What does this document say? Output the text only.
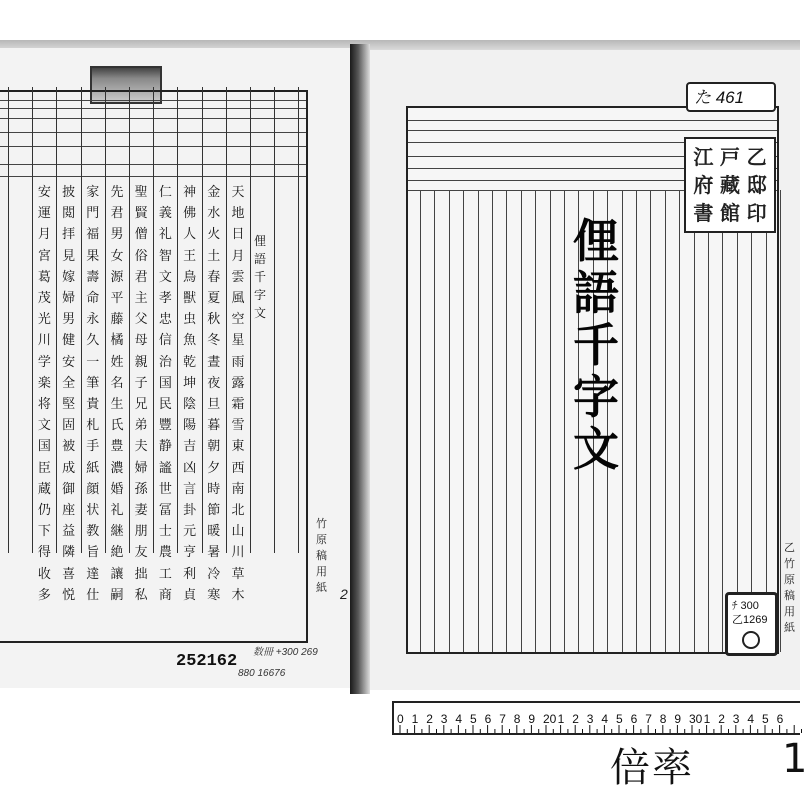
天
地
日
月
雲
風
空
星
雨
露
霜
雪
東
西
南
北
山
川
草
木
金
水
火
土
春
夏
秋
冬
晝
夜
旦
暮
朝
夕
時
節
暖
暑
冷
寒
神
佛
人
王
鳥
獸
虫
魚
乾
坤
陰
陽
吉
凶
言
卦
元
亨
利
貞
仁
義
礼
智
文
孝
忠
信
治
国
民
豐
静
謐
世
冨
士
農
工
商
聖
賢
僧
俗
君
主
父
母
親
子
兄
弟
夫
婦
孫
妻
朋
友
拙
私
先
君
男
女
源
平
藤
橘
姓
名
生
氏
豊
濃
婚
礼
継
絶
讓
嗣
家
門
福
果
壽
命
永
久
一
筆
貴
札
手
紙
顔
状
教
旨
達
仕
披
閲
拝
見
嫁
婦
男
健
安
全
堅
固
被
成
御
座
益
隣
喜
悦
安
運
月
宮
葛
茂
光
川
学
楽
将
文
国
臣
蔵
仍
下
得
收
多
俚
語
千
字
文
竹
原
稿
用
紙 2
252162 数冊 +300 269
880 16676
た 461
江 戸 乙
府 藏 邸
書 館 印
俚
語
千
字
文
乙
竹
原
稿
用
紙
ﾁ 300
乙1269
0 1 2 3 4 5 6 7 8 9 20 1 2 3 4 5 6 7 8 9 30 1 2 3 4 5 6
倍率 1
